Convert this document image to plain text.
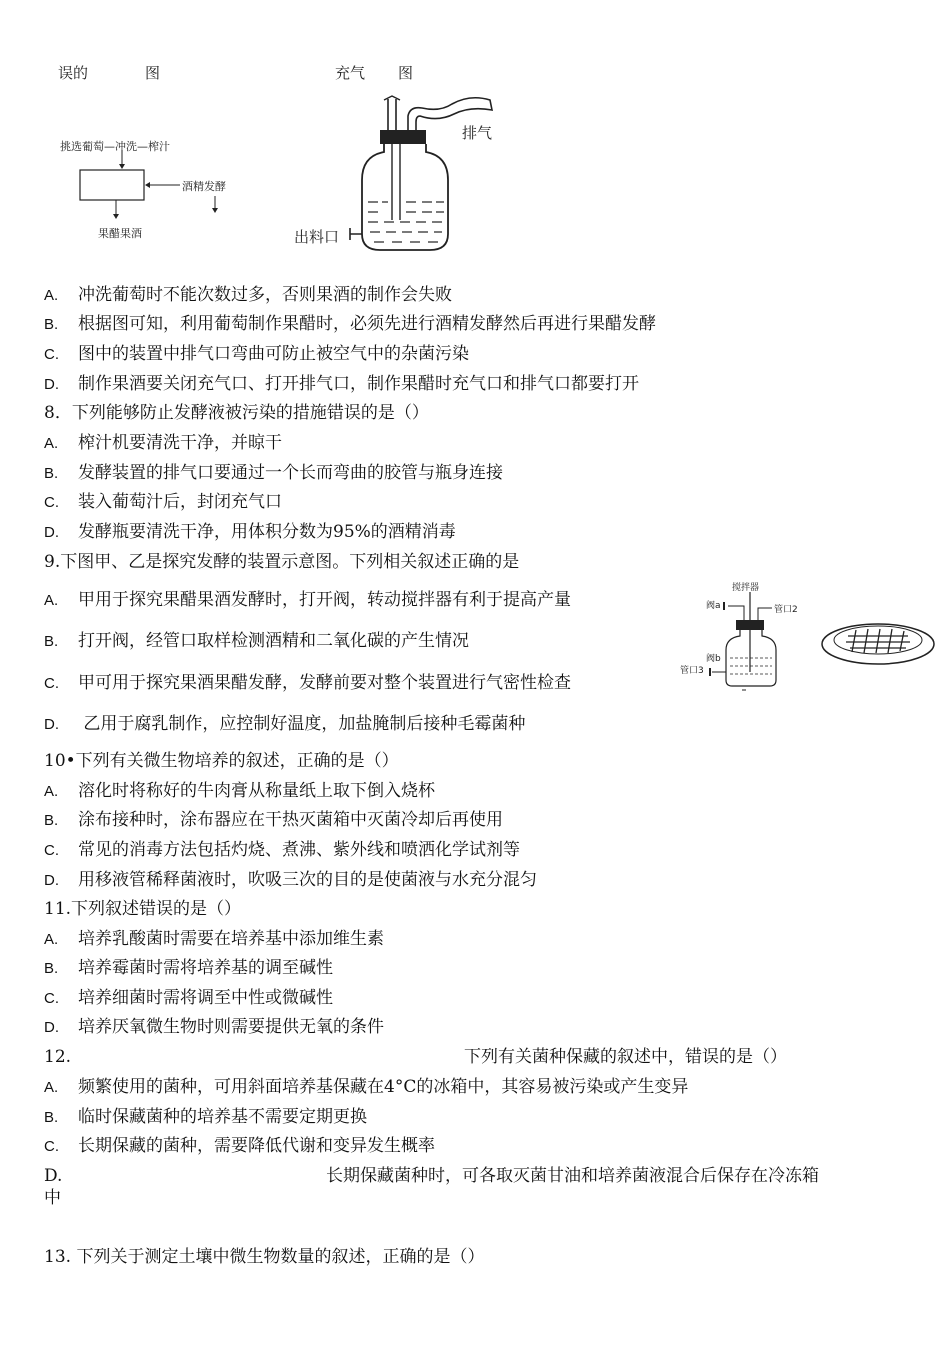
误的	图	充气 图
挑选葡萄—冲洗—榨汁
酒精发酵
果醋果酒
排气
出料口
A. 冲洗葡萄时不能次数过多，否则果酒的制作会失败
B. 根据图可知，利用葡萄制作果醋时，必须先进行酒精发酵然后再进行果醋发酵
C. 图中的装置中排气口弯曲可防止被空气中的杂菌污染
D. 制作果酒要关闭充气口、打开排气口，制作果醋时充气口和排气口都要打开
8．下列能够防止发酵液被污染的措施错误的是（）
A. 榨汁机要清洗干净，并晾干
B. 发酵装置的排气口要通过一个长而弯曲的胶管与瓶身连接
C. 装入葡萄汁后，封闭充气口
D. 发酵瓶要清洗干净，用体积分数为95%的酒精消毒
9.下图甲、乙是探究发酵的装置示意图。下列相关叙述正确的是
A. 甲用于探究果醋果酒发酵时，打开阀，转动搅拌器有利于提高产量
B. 打开阀，经管口取样检测酒精和二氧化碳的产生情况
C. 甲可用于探究果酒果醋发酵，发酵前要对整个装置进行气密性检查
D. 乙用于腐乳制作，应控制好温度，加盐腌制后接种毛霉菌种
搅拌器
阀a	管口2
阀b
管口3
10•下列有关微生物培养的叙述，正确的是（）
A. 溶化时将称好的牛肉膏从称量纸上取下倒入烧杯
B. 涂布接种时，涂布器应在干热灭菌箱中灭菌冷却后再使用
C. 常见的消毒方法包括灼烧、煮沸、紫外线和喷洒化学试剂等
D. 用移液管稀释菌液时，吹吸三次的目的是使菌液与水充分混匀
11.下列叙述错误的是（）
A. 培养乳酸菌时需要在培养基中添加维生素
B. 培养霉菌时需将培养基的调至碱性
C. 培养细菌时需将调至中性或微碱性
D. 培养厌氧微生物时则需要提供无氧的条件
12.	下列有关菌种保藏的叙述中，错误的是（）
A. 频繁使用的菌种，可用斜面培养基保藏在4°C的冰箱中，其容易被污染或产生变异
B. 临时保藏菌种的培养基不需要定期更换
C. 长期保藏的菌种，需要降低代谢和变异发生概率
D.	长期保藏菌种时，可各取灭菌甘油和培养菌液混合后保存在冷冻箱
中
13. 下列关于测定土壤中微生物数量的叙述，正确的是（）
